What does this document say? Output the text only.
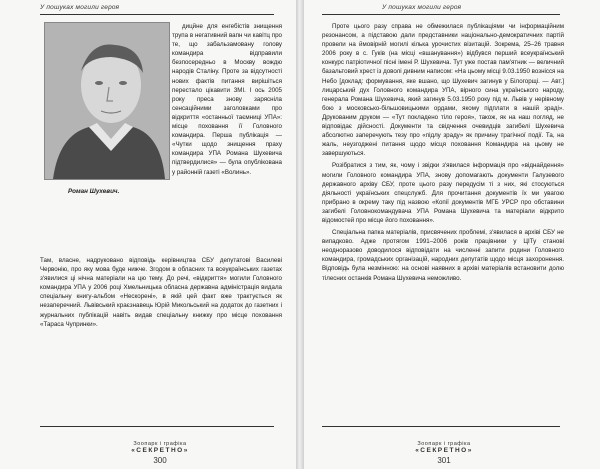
У пошуках могили героя
Роман Шухевич.

дицйне для енгебістів знищення трупа в негативний вапн чи кавітц про те, що забальзамовану голову командира відправили безпосередньо в Москву вождю народів Сталіну. Проте за відсутності нових фактів питання вирішіться перестало цікавити ЗМІ. І ось 2005 року преса знову зарясніла сенсаційними заголовками про відкриття «останньої таємниці УПА»: місце поховання її Головного командира. Перша публікація — «Чутки щодо знищення праху командира УПА Романа Шухевича підтвердилися» — була опублікована у районній газеті «Волинь».

Там, власне, надруковано відповідь керівництва СБУ депутатові Василеві Червонію, про яку мова буде нижче. Згодом в обласних та всеукраїнських газетах з'явилися ці нічна матеріали на цю тему. До речі, «відкриття» могили Головного командира УПА у 2006 році Хмельницька обласна державна адміністрація видала спеціальну книгу-альбом «Нескорені», в якій цей факт вже трактується як незаперечний. Львівський краєзнавець Юрій Микольський на додаток до газетних і журнальних публікацій навіть видав спеціальну книжку про місце поховання «Тараса Чупринки».

Зоопарк і графіка
«СЕКРЕТНО»
300
У пошуках могили героя

Проте цього разу справа не обмежилася публікаціями чи інформаційним резонансом, а підставою дали представники національно-демократичних партій провели на ймовірній могилі кілька урочистих візитацій. Зокрема, 25–26 травня 2006 року в с. Гуків (на місці «вшанування») відбувся перший всеукраїнський конкурс патріотичної пісні імені Р. Шухевича. Тут уже постав пам'ятник — величний базальтовий хрест із доволі дивним написом: «На цьому місці 9.03.1950 вознісся на Небо [доклад: формування, яке вшано, що Шухевич загинув у Білогорщі. — Авт.] лицарський дух Головного командира УПА, вірного сина українського народу, генерала Романа Шухевича, який загинув 5.03.1950 року під м. Львів у нерівному бою з московсько-більшовицькими ордами, якому підплати в нашій зраді». Друкованим друком — «Тут покладено тіло героя», також, як на наш погляд, не відповідає дійсності. Документи та свідчення очевидців загибелі Шухевича абсолютно заперечують тезу про «підлу зраду» як причину трагічної події. Та, на жаль, неузгоджені питання щодо місця поховання Командира на цьому не завершуються.

Розібратися з тим, як, чому і звідки з'явилася інформація про «віднайдення» могили Головного командира УПА, знову допомагають документи Галузевого державного архіву СБУ, проте цього разу передусім ті з них, які стосуються діяльності українських спецслужб. Для прочитання документів їх ми увагою прибрано в окрему таку під назвою «Копії документів МГБ УРСР про обставини загибелі Головнокомандувача УПА Романа Шухевича та матеріали відкрито відомостей про місце його поховання».

Спеціальна папка матеріалів, присвячених проблемі, з'явилася в архіві СБУ не випадково. Адже протягом 1991–2006 років працівники у ЦІТу станові неодноразово доводилося відповідати на численні запити родини Головного командира, громадських організацій, народних депутатів щодо місця захоронення. Відповідь була незмінною: на основі наявних в архіві матеріалів встановити долю тілесних останків Романа Шухевича неможливо.

Зоопарк і графіка
«СЕКРЕТНО»
301
